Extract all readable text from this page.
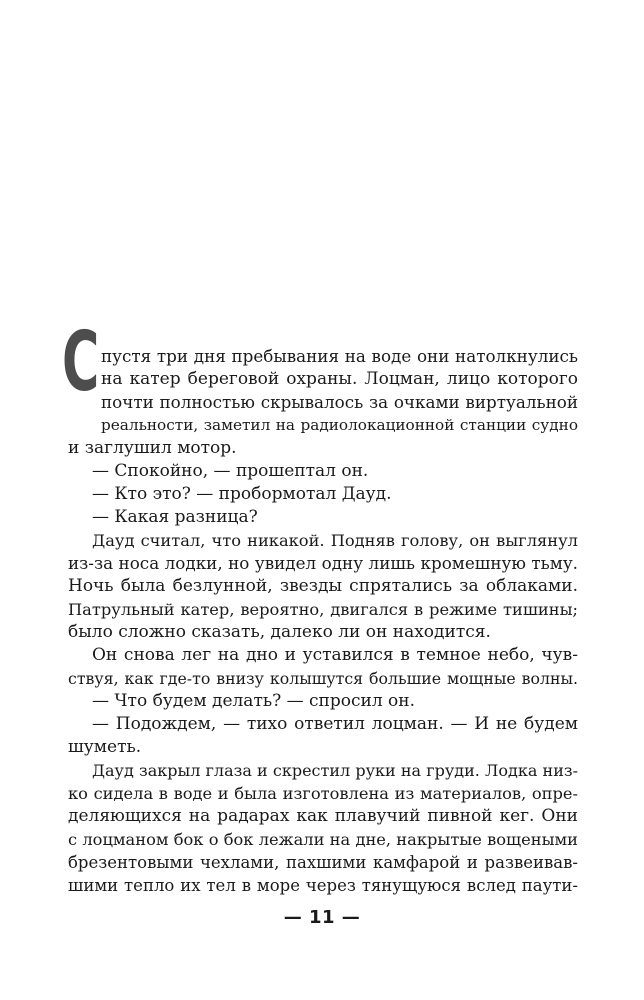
С пустя три дня пребывания на воде они натолкнулись
на катер береговой охраны. Лоцман, лицо которого
почти полностью скрывалось за очками виртуальной
реальности, заметил на радиолокационной станции судно
и заглушил мотор.
— Спокойно, — прошептал он.
— Кто это? — пробормотал Дауд.
— Какая разница?
Дауд считал, что никакой. Подняв голову, он выглянул
из-за носа лодки, но увидел одну лишь кромешную тьму.
Ночь была безлунной, звезды спрятались за облаками.
Патрульный катер, вероятно, двигался в режиме тишины;
было сложно сказать, далеко ли он находится.
Он снова лег на дно и уставился в темное небо, чув-
ствуя, как где-то внизу колышутся большие мощные волны.
— Что будем делать? — спросил он.
— Подождем, — тихо ответил лоцман. — И не будем
шуметь.
Дауд закрыл глаза и скрестил руки на груди. Лодка низ-
ко сидела в воде и была изготовлена из материалов, опре-
деляющихся на радарах как плавучий пивной кег. Они
с лоцманом бок о бок лежали на дне, накрытые вощеными
брезентовыми чехлами, пахшими камфарой и развеивав-
шими тепло их тел в море через тянущуюся вслед паути-
— 11 —
